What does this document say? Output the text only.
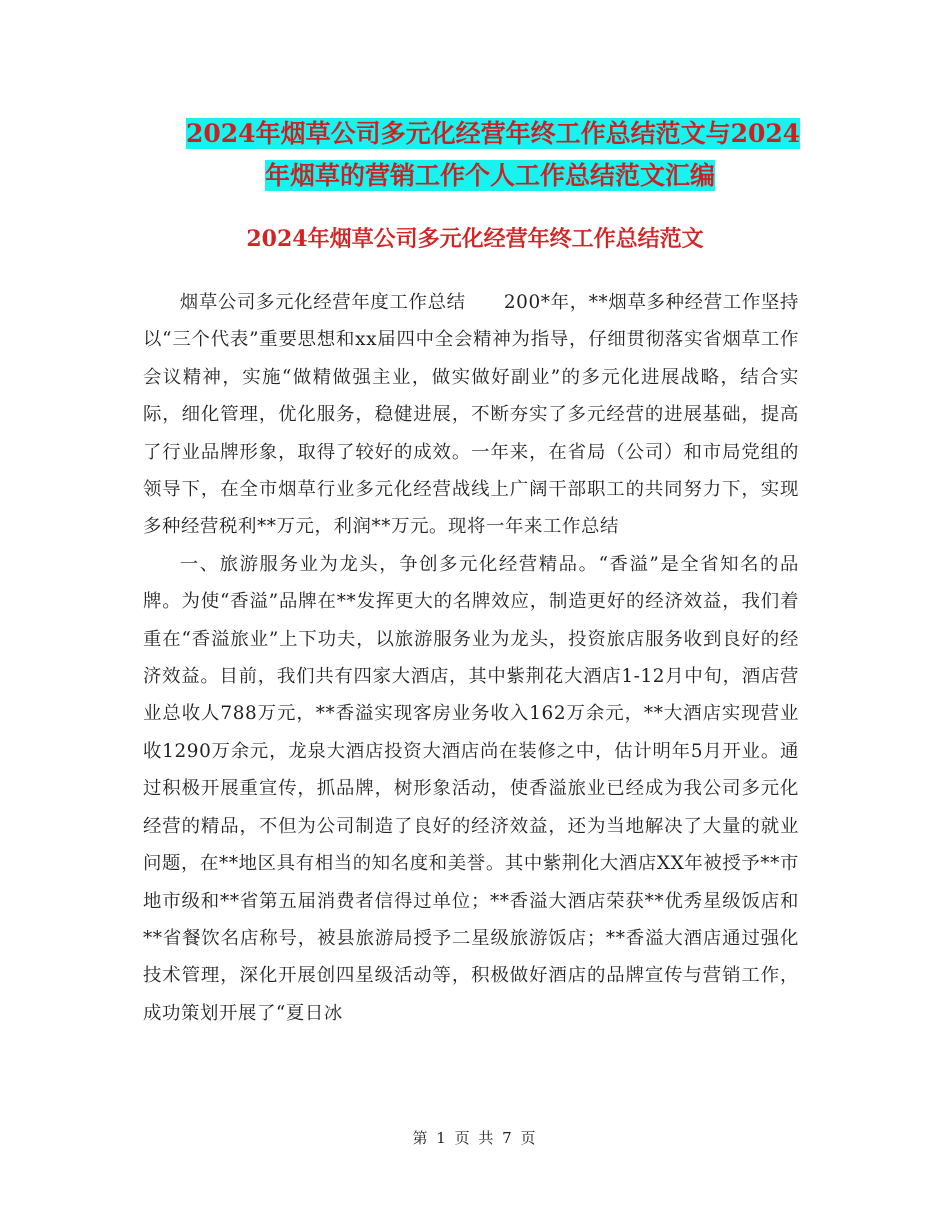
2024年烟草公司多元化经营年终工作总结范文与2024
年烟草的营销工作个人工作总结范文汇编
2024年烟草公司多元化经营年终工作总结范文

烟草公司多元化经营年度工作总结　　200*年，**烟草多种经营工作坚持以“三个代表”重要思想和xx届四中全会精神为指导，仔细贯彻落实省烟草工作会议精神，实施“做精做强主业，做实做好副业”的多元化进展战略，结合实际，细化管理，优化服务，稳健进展，不断夯实了多元经营的进展基础，提高了行业品牌形象，取得了较好的成效。一年来，在省局（公司）和市局党组的领导下，在全市烟草行业多元化经营战线上广阔干部职工的共同努力下，实现多种经营税利**万元，利润**万元。现将一年来工作总结

一、旅游服务业为龙头，争创多元化经营精品。“香溢”是全省知名的品牌。为使“香溢”品牌在**发挥更大的名牌效应，制造更好的经济效益，我们着重在“香溢旅业”上下功夫，以旅游服务业为龙头，投资旅店服务收到良好的经济效益。目前，我们共有四家大酒店，其中紫荆花大酒店1-12月中旬，酒店营业总收人788万元，**香溢实现客房业务收入162万余元，**大酒店实现营业收1290万余元，龙泉大酒店投资大酒店尚在装修之中，估计明年5月开业。通过积极开展重宣传，抓品牌，树形象活动，使香溢旅业已经成为我公司多元化经营的精品，不但为公司制造了良好的经济效益，还为当地解决了大量的就业问题，在**地区具有相当的知名度和美誉。其中紫荆化大酒店XX年被授予**市地市级和**省第五届消费者信得过单位；**香溢大酒店荣获**优秀星级饭店和**省餐饮名店称号，被县旅游局授予二星级旅游饭店；**香溢大酒店通过强化技术管理，深化开展创四星级活动等，积极做好酒店的品牌宣传与营销工作，成功策划开展了“夏日冰

第 1 页 共 7 页
